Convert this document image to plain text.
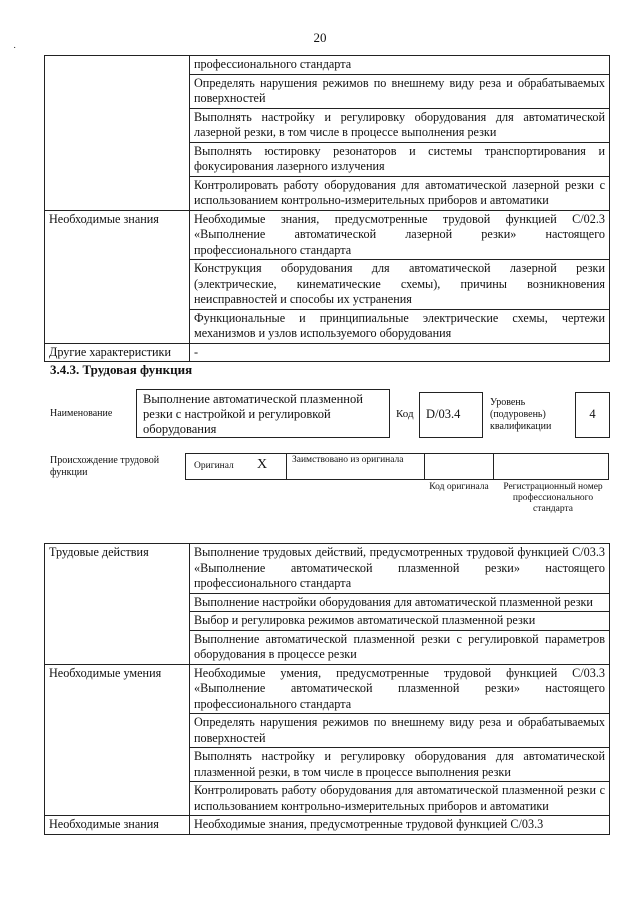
20
˙
	профессионального стандарта
	Определять нарушения режимов по внешнему виду реза и обрабатываемых поверхностей
	Выполнять настройку и регулировку оборудования для автоматической лазерной резки, в том числе в процессе выполнения резки
	Выполнять юстировку резонаторов и системы транспортирования и фокусирования лазерного излучения
	Контролировать работу оборудования для автоматической лазерной резки с использованием контрольно-измерительных приборов и автоматики
Необходимые знания	Необходимые знания, предусмотренные трудовой функцией C/02.3 «Выполнение автоматической лазерной резки» настоящего профессионального стандарта
	Конструкция оборудования для автоматической лазерной резки (электрические, кинематические схемы), причины возникновения неисправностей и способы их устранения
	Функциональные и принципиальные электрические схемы, чертежи механизмов и узлов используемого оборудования
Другие характеристики	-
3.4.3. Трудовая функция
Наименование
Выполнение автоматической плазменной резки с настройкой и регулировкой оборудования
Код D/03.4
Уровень (подуровень) квалификации
4
Происхождение трудовой функции
Оригинал X	Заимствовано из оригинала
Код оригинала	Регистрационный номер профессионального стандарта
Трудовые действия	Выполнение трудовых действий, предусмотренных трудовой функцией C/03.3 «Выполнение автоматической плазменной резки» настоящего профессионального стандарта
	Выполнение настройки оборудования для автоматической плазменной резки
	Выбор и регулировка режимов автоматической плазменной резки
	Выполнение автоматической плазменной резки с регулировкой параметров оборудования в процессе резки
Необходимые умения	Необходимые умения, предусмотренные трудовой функцией C/03.3 «Выполнение автоматической плазменной резки» настоящего профессионального стандарта
	Определять нарушения режимов по внешнему виду реза и обрабатываемых поверхностей
	Выполнять настройку и регулировку оборудования для автоматической плазменной резки, в том числе в процессе выполнения резки
	Контролировать работу оборудования для автоматической плазменной резки с использованием контрольно-измерительных приборов и автоматики
Необходимые знания	Необходимые знания, предусмотренные трудовой функцией C/03.3
